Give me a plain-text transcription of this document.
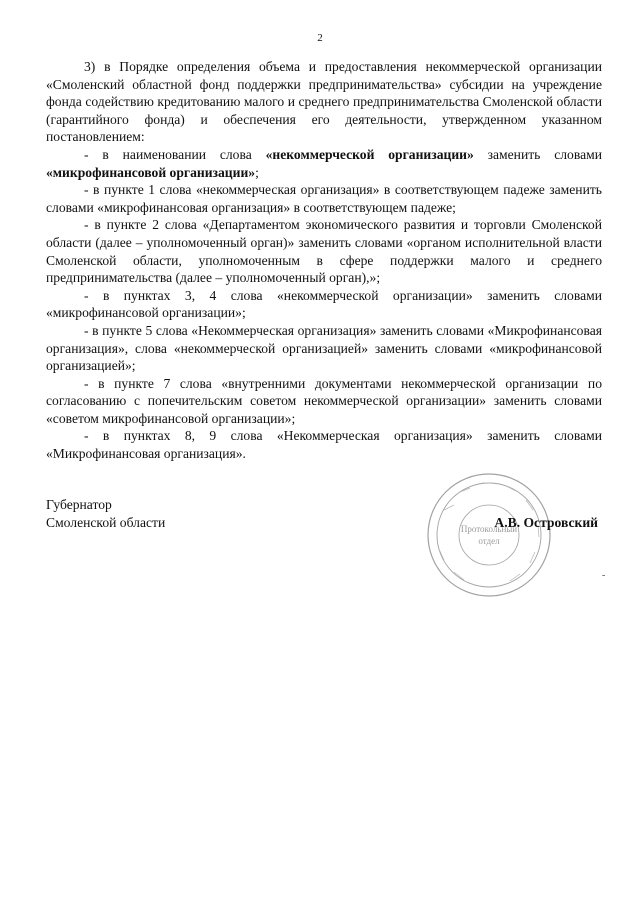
2

3) в Порядке определения объема и предоставления некоммерческой организации «Смоленский областной фонд поддержки предпринимательства» субсидии на учреждение фонда содействию кредитованию малого и среднего предпринимательства Смоленской области (гарантийного фонда) и обеспечения его деятельности, утвержденном указанном постановлением:

- в наименовании слова «некоммерческой организации» заменить словами «микрофинансовой организации»;

- в пункте 1 слова «некоммерческая организация» в соответствующем падеже заменить словами «микрофинансовая организация» в соответствующем падеже;

- в пункте 2 слова «Департаментом экономического развития и торговли Смоленской области (далее – уполномоченный орган)» заменить словами «органом исполнительной власти Смоленской области, уполномоченным в сфере поддержки малого и среднего предпринимательства (далее – уполномоченный орган),»;

- в пунктах 3, 4 слова «некоммерческой организации» заменить словами «микрофинансовой организации»;

- в пункте 5 слова «Некоммерческая организация» заменить словами «Микрофинансовая организация», слова «некоммерческой организацией» заменить словами «микрофинансовой организацией»;

- в пункте 7 слова «внутренними документами некоммерческой организации по согласованию с попечительским советом некоммерческой организации» заменить словами «советом микрофинансовой организации»;

- в пунктах 8, 9 слова «Некоммерческая организация» заменить словами «Микрофинансовая организация».

Протокольный
отдел
Губернатор
Смоленской области	А.В. Островский
-
